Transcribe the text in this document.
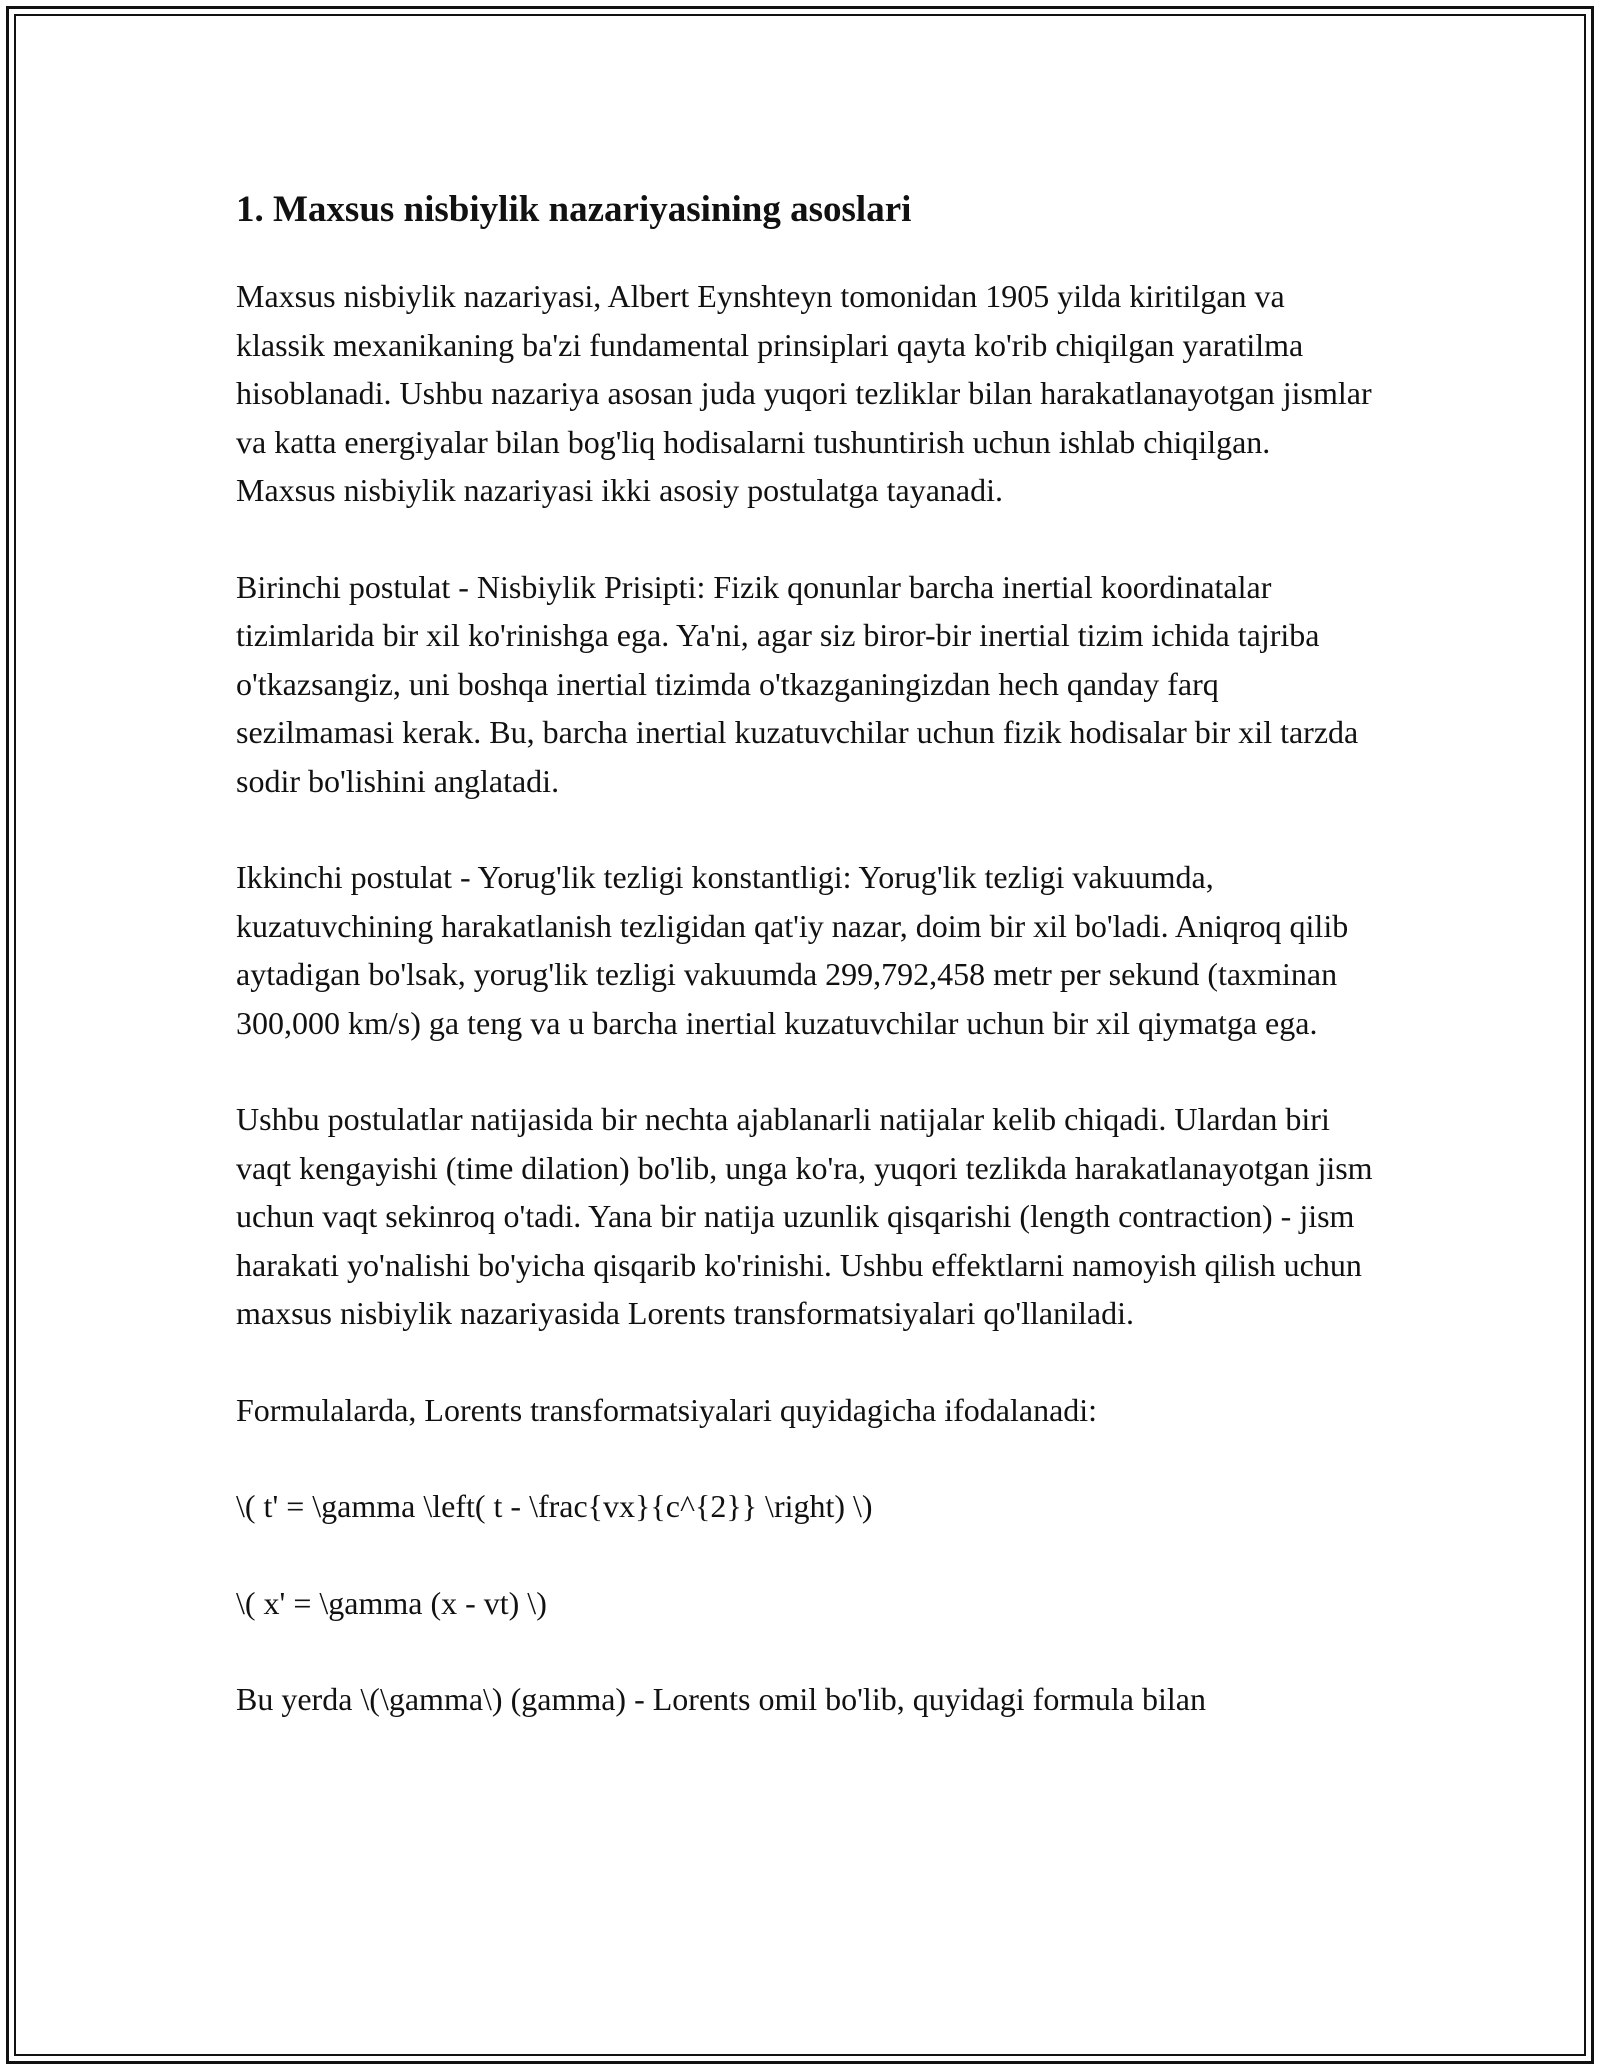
1. Maxsus nisbiylik nazariyasining asoslari

Maxsus nisbiylik nazariyasi, Albert Eynshteyn tomonidan 1905 yilda kiritilgan va klassik mexanikaning ba'zi fundamental prinsiplari qayta ko'rib chiqilgan yaratilma hisoblanadi. Ushbu nazariya asosan juda yuqori tezliklar bilan harakatlanayotgan jismlar va katta energiyalar bilan bog'liq hodisalarni tushuntirish uchun ishlab chiqilgan. Maxsus nisbiylik nazariyasi ikki asosiy postulatga tayanadi.

Birinchi postulat - Nisbiylik Prisipti: Fizik qonunlar barcha inertial koordinatalar tizimlarida bir xil ko'rinishga ega. Ya'ni, agar siz biror-bir inertial tizim ichida tajriba o'tkazsangiz, uni boshqa inertial tizimda o'tkazganingizdan hech qanday farq sezilmamasi kerak. Bu, barcha inertial kuzatuvchilar uchun fizik hodisalar bir xil tarzda sodir bo'lishini anglatadi.

Ikkinchi postulat - Yorug'lik tezligi konstantligi: Yorug'lik tezligi vakuumda, kuzatuvchining harakatlanish tezligidan qat'iy nazar, doim bir xil bo'ladi. Aniqroq qilib aytadigan bo'lsak, yorug'lik tezligi vakuumda 299,792,458 metr per sekund (taxminan 300,000 km/s) ga teng va u barcha inertial kuzatuvchilar uchun bir xil qiymatga ega.

Ushbu postulatlar natijasida bir nechta ajablanarli natijalar kelib chiqadi. Ulardan biri vaqt kengayishi (time dilation) bo'lib, unga ko'ra, yuqori tezlikda harakatlanayotgan jism uchun vaqt sekinroq o'tadi. Yana bir natija uzunlik qisqarishi (length contraction) - jism harakati yo'nalishi bo'yicha qisqarib ko'rinishi. Ushbu effektlarni namoyish qilish uchun maxsus nisbiylik nazariyasida Lorents transformatsiyalari qo'llaniladi.

Formulalarda, Lorents transformatsiyalari quyidagicha ifodalanadi:

\( t' = \gamma \left( t - \frac{vx}{c^{2}} \right) \)

\( x' = \gamma (x - vt) \)

Bu yerda \(\gamma\) (gamma) - Lorents omil bo'lib, quyidagi formula bilan
